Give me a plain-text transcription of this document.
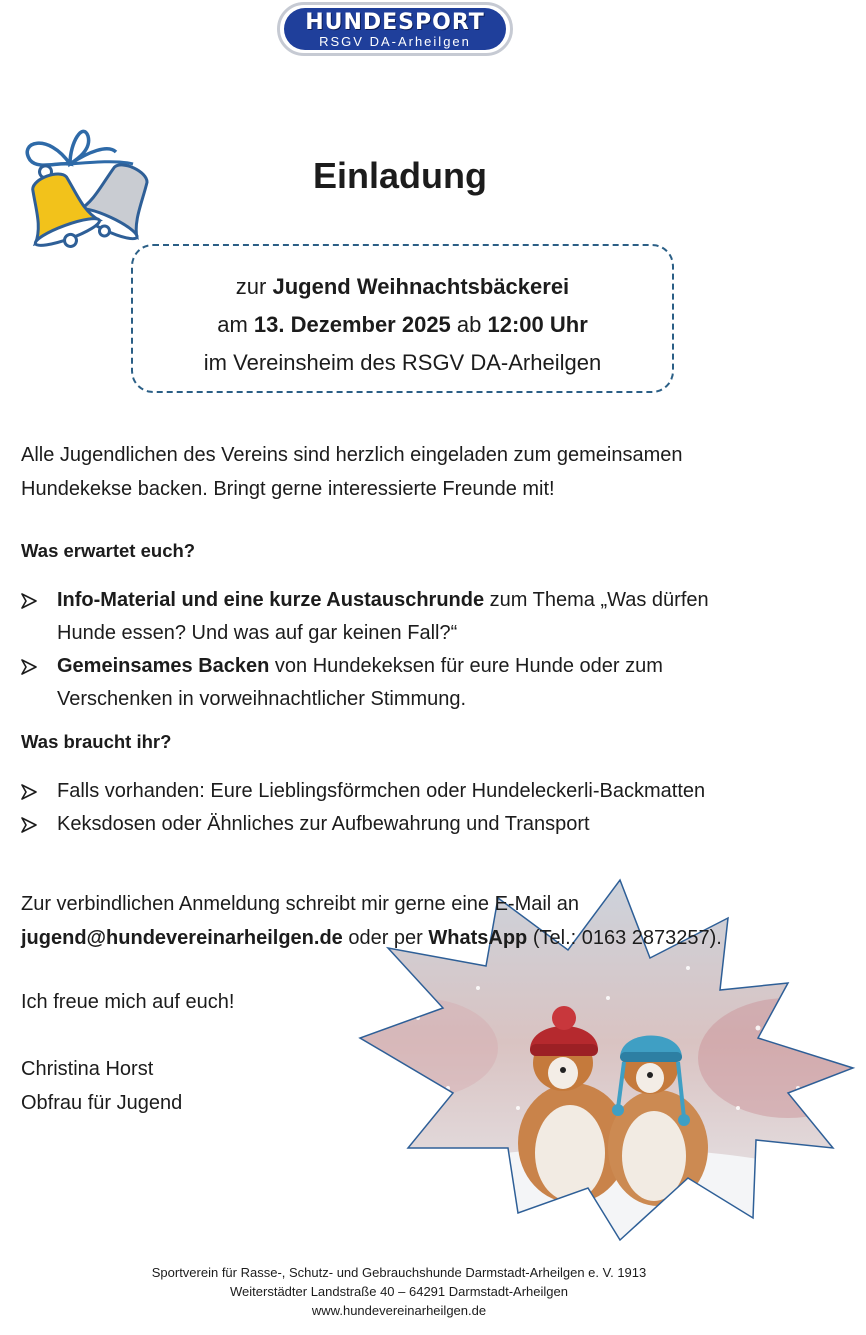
HUNDESPORT
RSGV DA-Arheilgen
Einladung
zur Jugend Weihnachtsbäckerei
am 13. Dezember 2025 ab 12:00 Uhr
im Vereinsheim des RSGV DA-Arheilgen

Alle Jugendlichen des Vereins sind herzlich eingeladen zum gemeinsamen Hundekekse backen. Bringt gerne interessierte Freunde mit!

Was erwartet euch?

Info-Material und eine kurze Austauschrunde zum Thema „Was dürfen Hunde essen? Und was auf gar keinen Fall?“
Gemeinsames Backen von Hundekeksen für eure Hunde oder zum Verschenken in vorweihnachtlicher Stimmung.

Was braucht ihr?

Falls vorhanden: Eure Lieblingsförmchen oder Hundeleckerli-Backmatten
Keksdosen oder Ähnliches zur Aufbewahrung und Transport

Zur verbindlichen Anmeldung schreibt mir gerne eine E-Mail an
jugend@hundevereinarheilgen.de oder per WhatsApp (Tel.: 0163 2873257).

Ich freue mich auf euch!

Christina Horst
Obfrau für Jugend

Sportverein für Rasse-, Schutz- und Gebrauchshunde Darmstadt-Arheilgen e. V. 1913
Weiterstädter Landstraße 40 – 64291 Darmstadt-Arheilgen
www.hundevereinarheilgen.de
